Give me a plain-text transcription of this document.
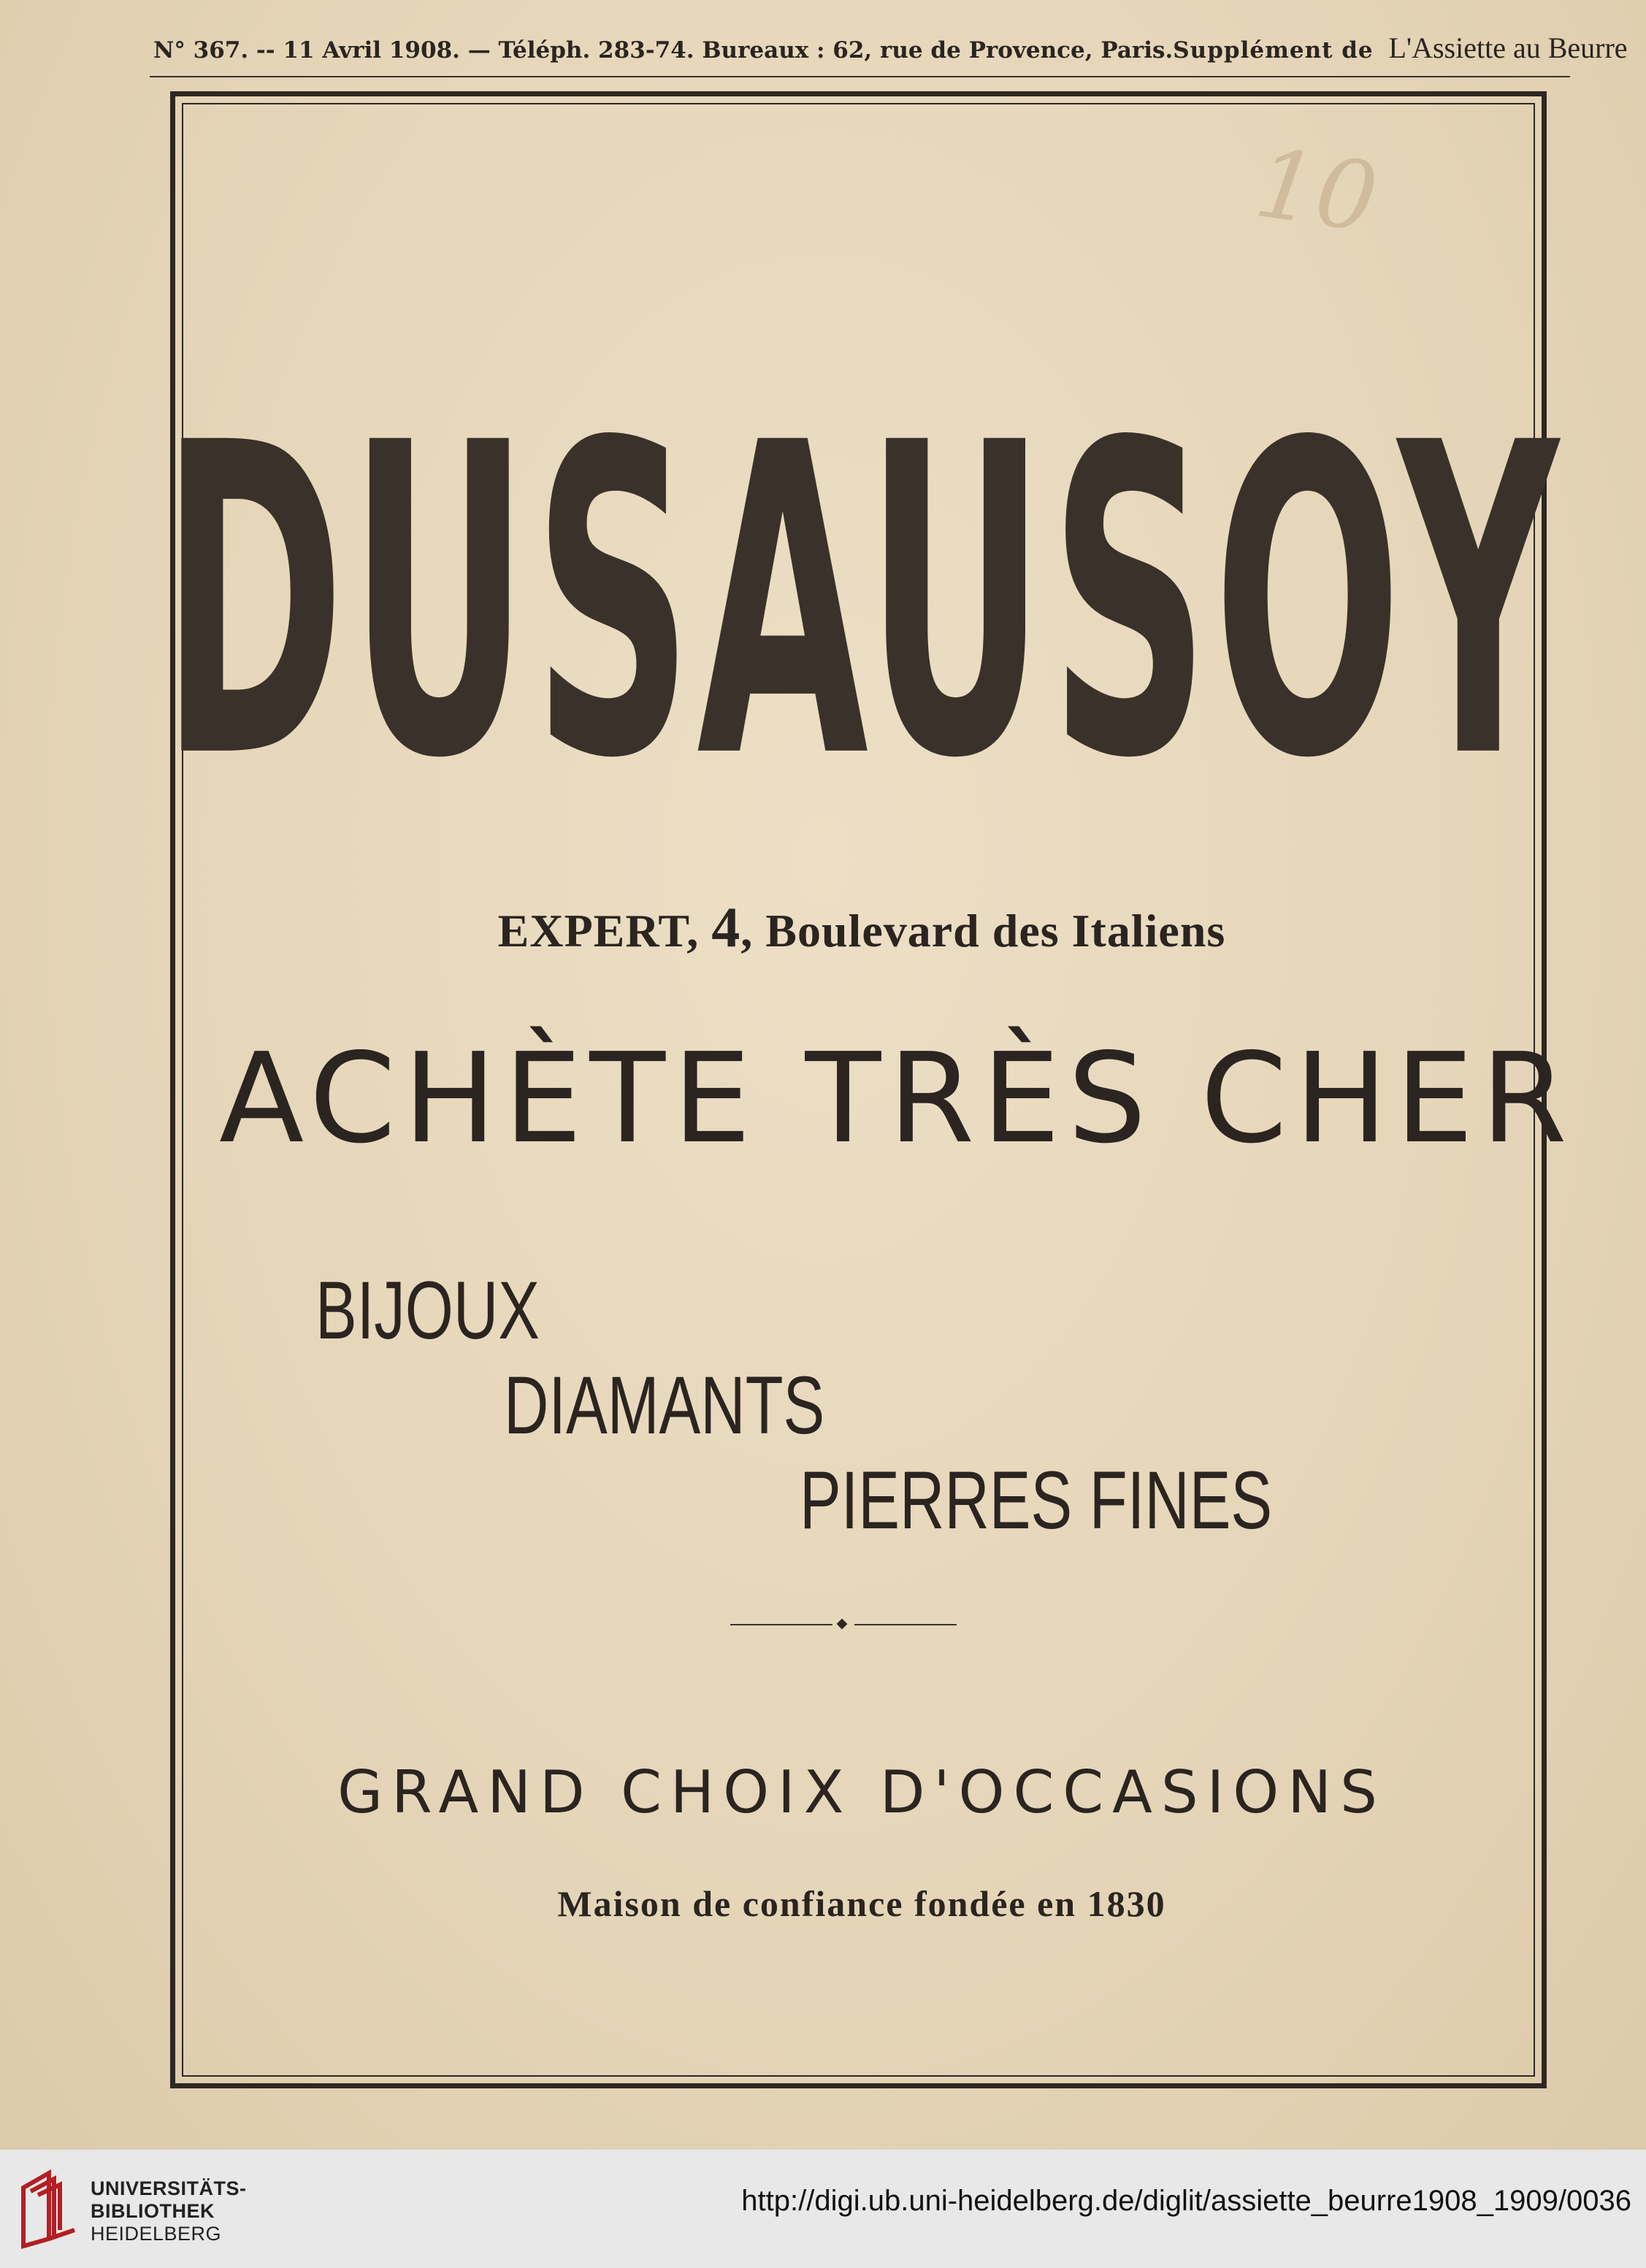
N° 367. -- 11 Avril 1908. — Téléph. 283-74. Bureaux : 62, rue de Provence, Paris. Supplément de L'Assiette au Beurre
10
DUSAUSOY
EXPERT, 4, Boulevard des Italiens
ACHÈTE TRÈS CHER
BIJOUX
DIAMANTS
PIERRES FINES
GRAND CHOIX D'OCCASIONS
Maison de confiance fondée en 1830
UNIVERSITÄTS-
BIBLIOTHEK
HEIDELBERG
http://digi.ub.uni-heidelberg.de/diglit/assiette_beurre1908_1909/0036
